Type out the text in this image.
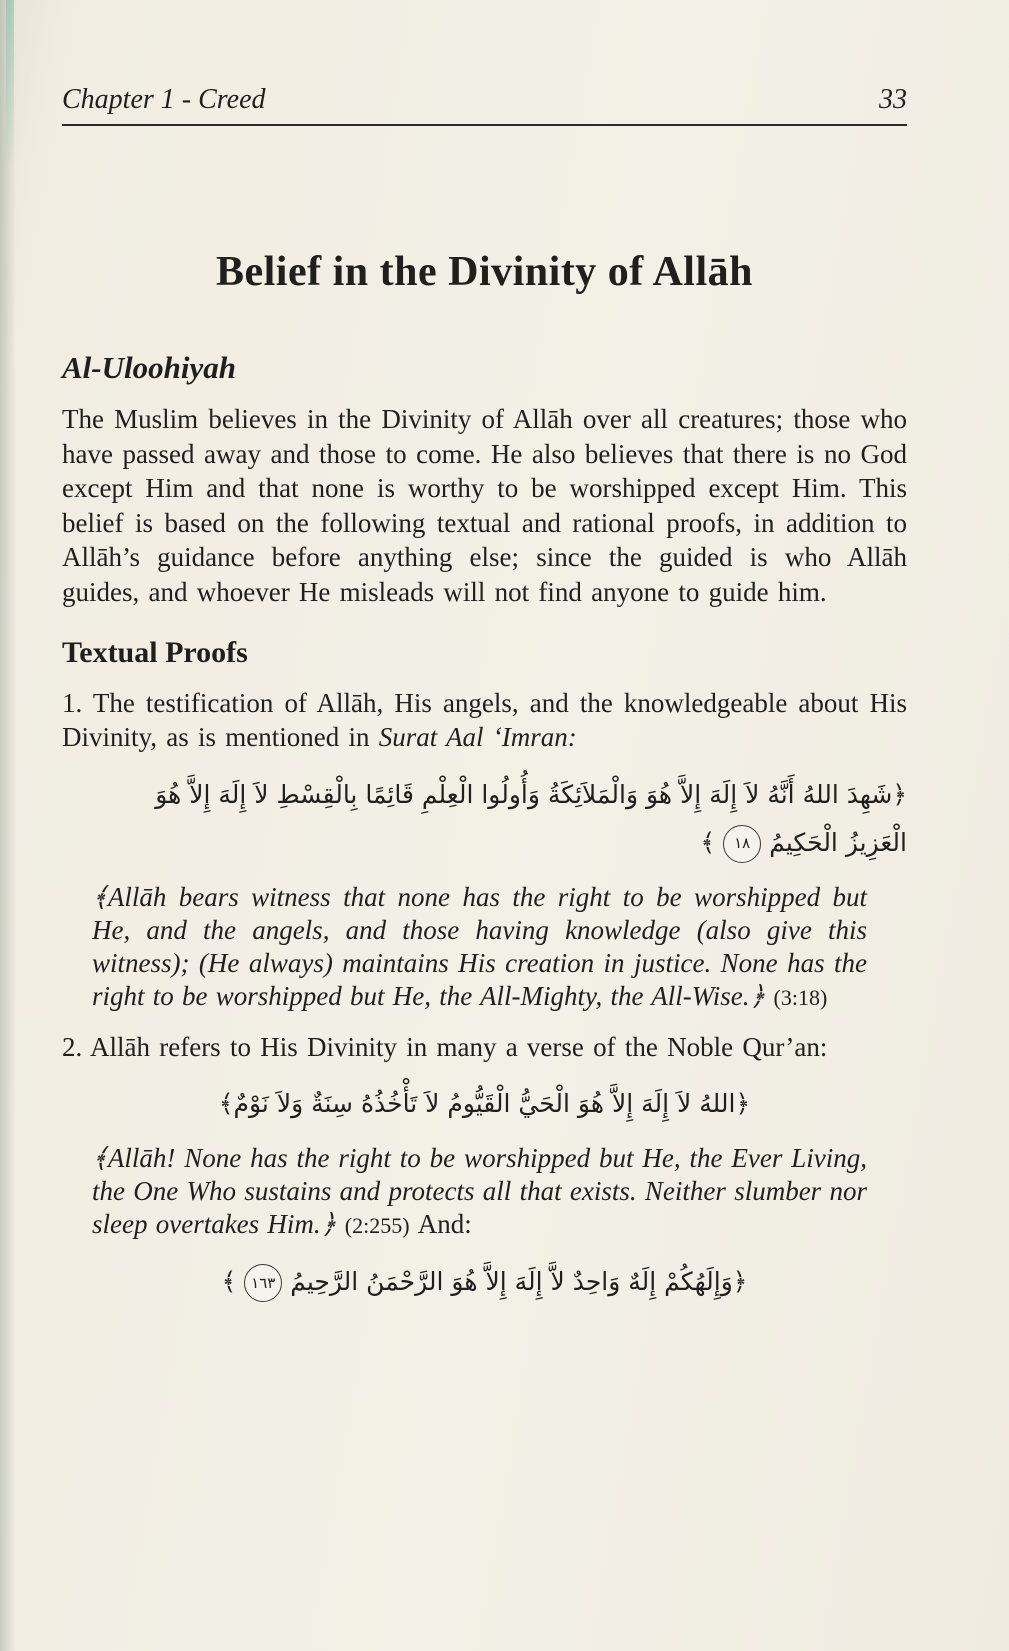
Chapter 1 - Creed	33
Belief in the Divinity of Allāh
Al-Uloohiyah

The Muslim believes in the Divinity of Allāh over all creatures; those who have passed away and those to come. He also believes that there is no God except Him and that none is worthy to be worshipped except Him. This belief is based on the following textual and rational proofs, in addition to Allāh’s guidance before anything else; since the guided is who Allāh guides, and whoever He misleads will not find anyone to guide him.

Textual Proofs

1. The testification of Allāh, His angels, and the knowledgeable about His Divinity, as is mentioned in Surat Aal ‘Imran:

﴿شَهِدَ اللهُ أَنَّهُ لاَ إِلَهَ إِلاَّ هُوَ وَالْمَلاَئِكَةُ وَأُولُوا الْعِلْمِ قَائِمًا بِالْقِسْطِ لاَ إِلَهَ إِلاَّ هُوَ
الْعَزِيزُ الْحَكِيمُ١٨﴾

﴾Allāh bears witness that none has the right to be worshipped but He, and the angels, and those having knowledge (also give this witness); (He always) maintains His creation in justice. None has the right to be worshipped but He, the All-Mighty, the All-Wise.﴿ (3:18)

2. Allāh refers to His Divinity in many a verse of the Noble Qur’an:

﴿اللهُ لاَ إِلَهَ إِلاَّ هُوَ الْحَيُّ الْقَيُّومُ لاَ تَأْخُذُهُ سِنَةٌ وَلاَ نَوْمٌ﴾

﴾Allāh! None has the right to be worshipped but He, the Ever Living, the One Who sustains and protects all that exists. Neither slumber nor sleep overtakes Him.﴿ (2:255) And:

﴿وَإِلَهُكُمْ إِلَهٌ وَاحِدٌ لاَّ إِلَهَ إِلاَّ هُوَ الرَّحْمَنُ الرَّحِيمُ١٦٣﴾
